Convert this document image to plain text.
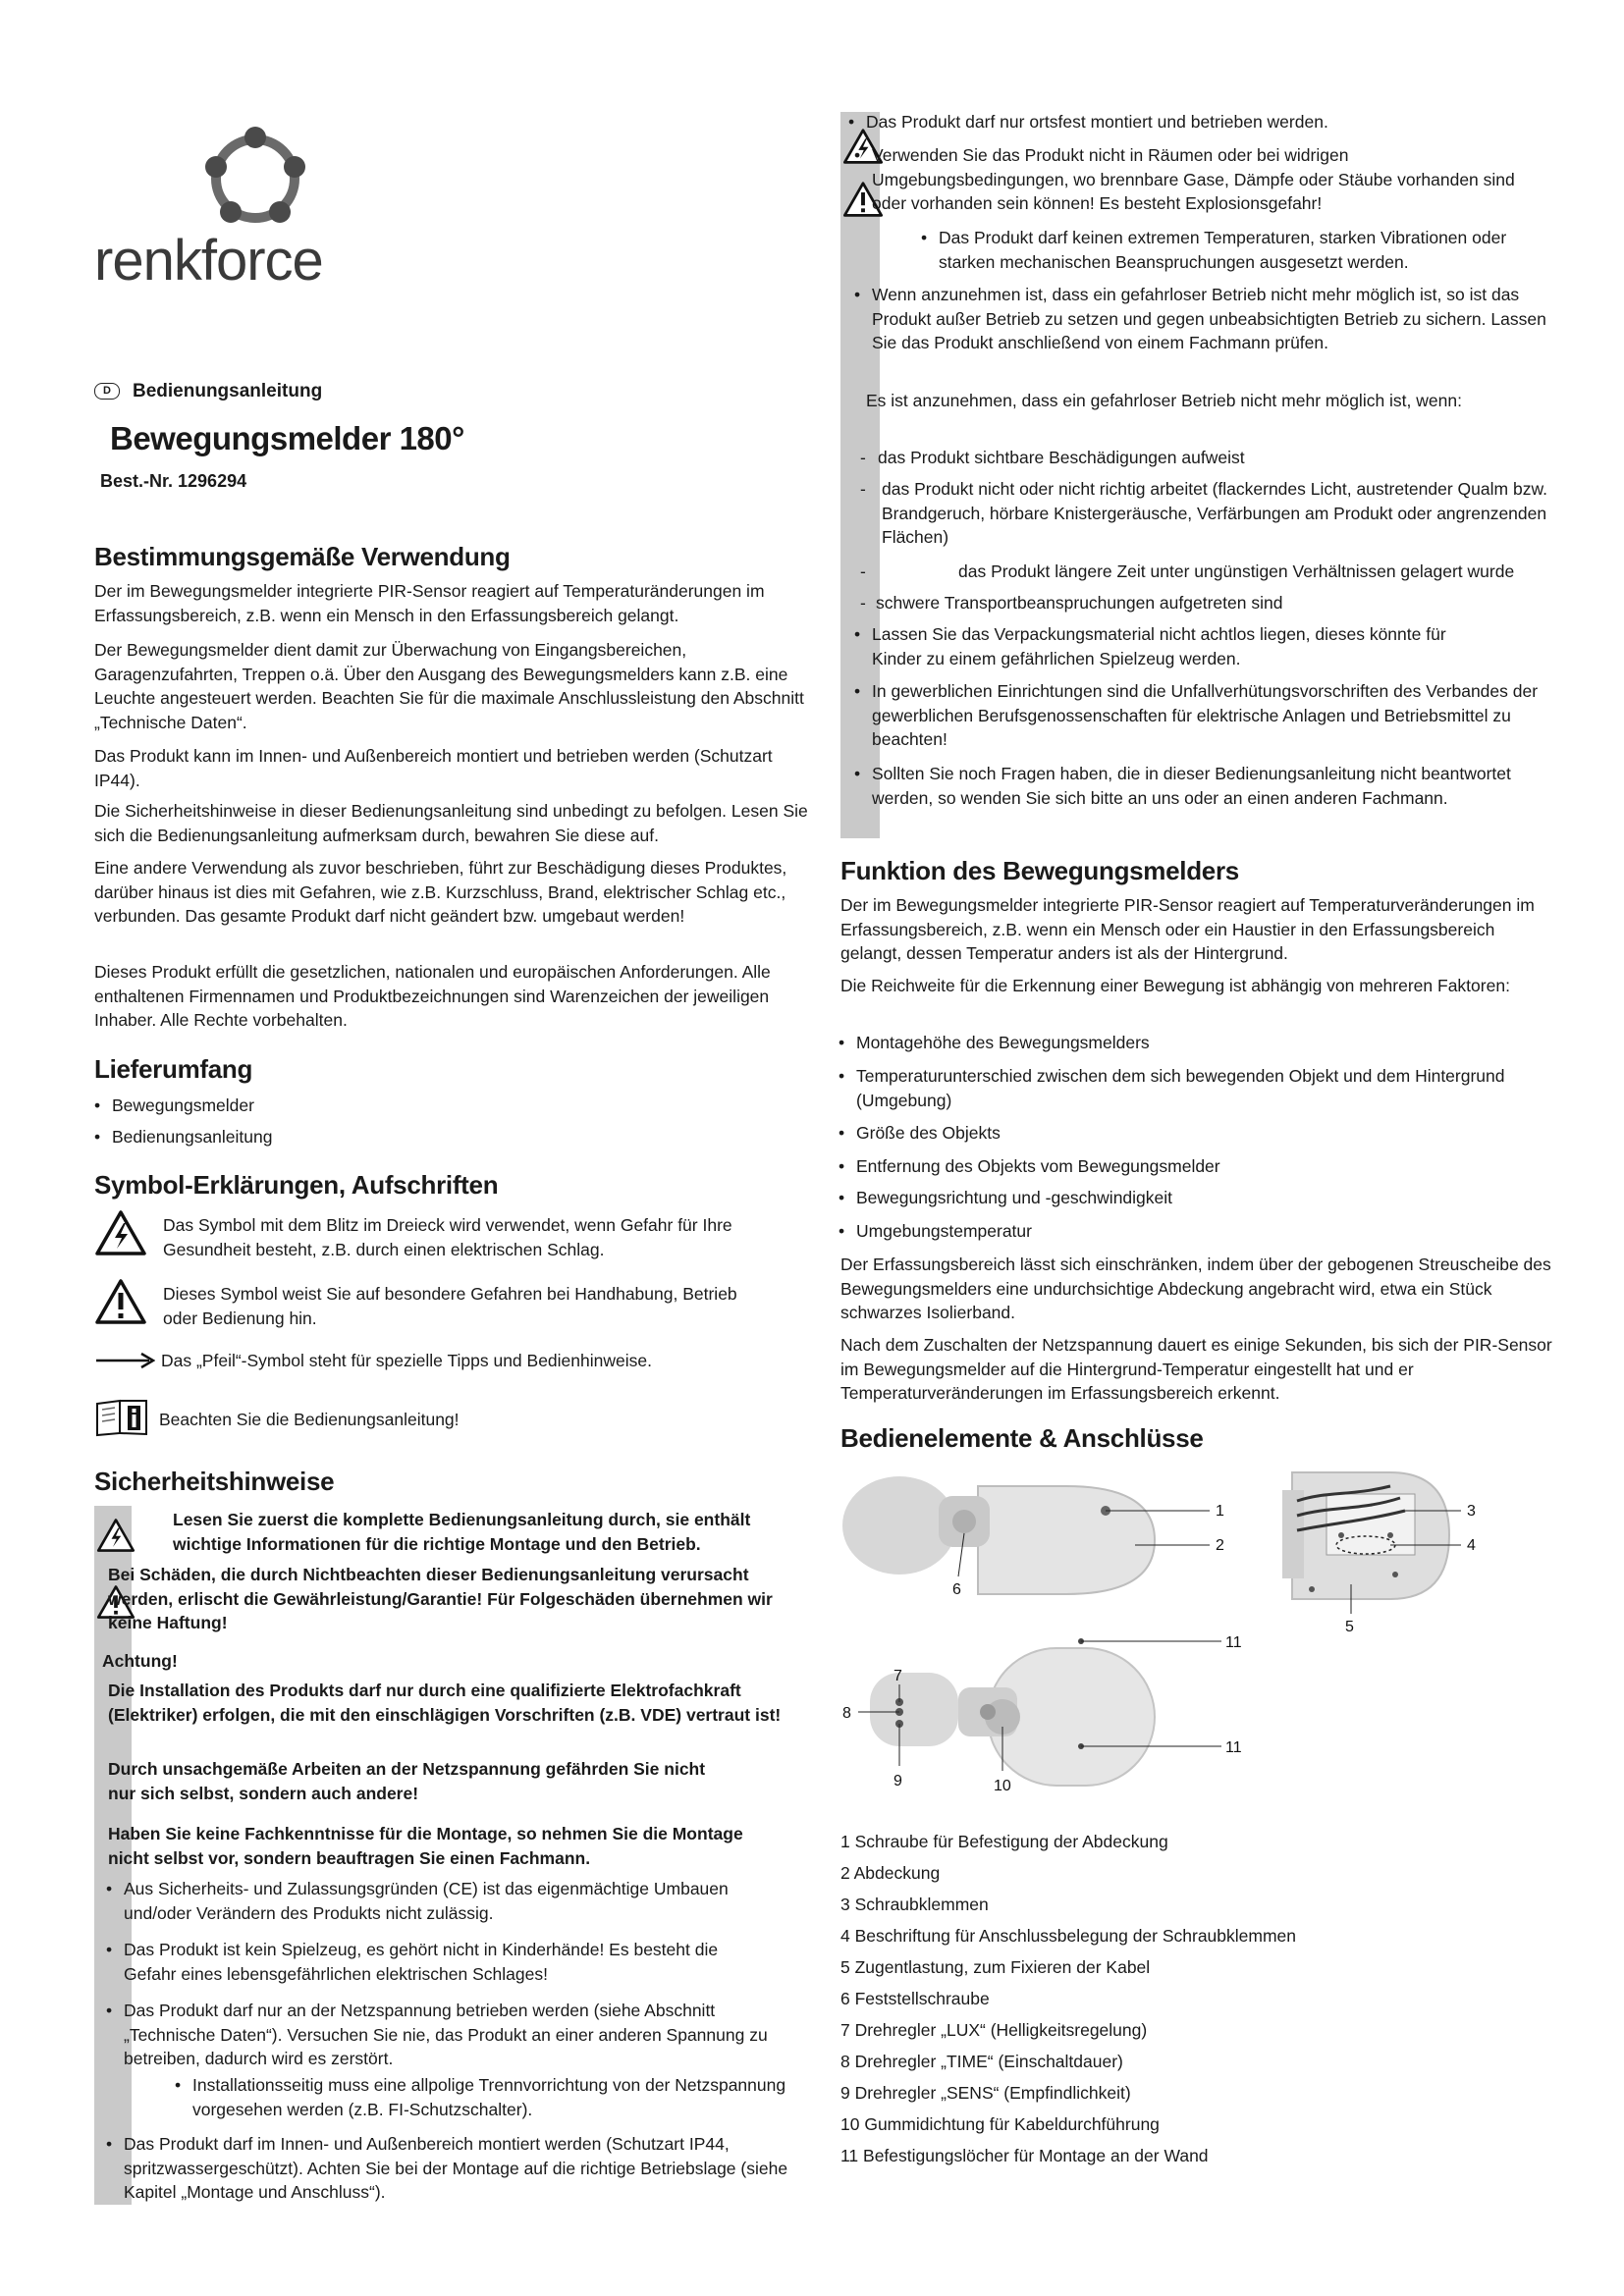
renkforce
D	Bedienungsanleitung
Bewegungsmelder 180°
Best.-Nr. 1296294
Bestimmungsgemäße Verwendung

Der im Bewegungsmelder integrierte PIR-Sensor reagiert auf Temperaturänderungen im Erfassungsbereich, z.B. wenn ein Mensch in den Erfassungsbereich gelangt.

Der Bewegungsmelder dient damit zur Überwachung von Eingangsbereichen, Garagenzufahrten, Treppen o.ä. Über den Ausgang des Bewegungsmelders kann z.B. eine Leuchte angesteuert werden. Beachten Sie für die maximale Anschlussleistung den Abschnitt „Technische Daten“.

Das Produkt kann im Innen- und Außenbereich montiert und betrieben werden (Schutzart IP44).

Die Sicherheitshinweise in dieser Bedienungsanleitung sind unbedingt zu befolgen. Lesen Sie sich die Bedienungsanleitung aufmerksam durch, bewahren Sie diese auf.

Eine andere Verwendung als zuvor beschrieben, führt zur Beschädigung dieses Produktes, darüber hinaus ist dies mit Gefahren, wie z.B. Kurzschluss, Brand, elektrischer Schlag etc., verbunden. Das gesamte Produkt darf nicht geändert bzw. umgebaut werden!

Dieses Produkt erfüllt die gesetzlichen, nationalen und europäischen Anforderungen. Alle enthaltenen Firmennamen und Produktbezeichnungen sind Warenzeichen der jeweiligen Inhaber. Alle Rechte vorbehalten.

Lieferumfang
• Bewegungsmelder
• Bedienungsanleitung
Symbol-Erklärungen, Aufschriften

Das Symbol mit dem Blitz im Dreieck wird verwendet, wenn Gefahr für Ihre Gesundheit besteht, z.B. durch einen elektrischen Schlag.

Dieses Symbol weist Sie auf besondere Gefahren bei Handhabung, Betrieb oder Bedienung hin.

Das „Pfeil“-Symbol steht für spezielle Tipps und Bedienhinweise.

Beachten Sie die Bedienungsanleitung!

Sicherheitshinweise

Lesen Sie zuerst die komplette Bedienungsanleitung durch, sie enthält wichtige Informationen für die richtige Montage und den Betrieb.

Bei Schäden, die durch Nichtbeachten dieser Bedienungsanleitung verursacht werden, erlischt die Gewährleistung/Garantie! Für Folgeschäden übernehmen wir keine Haftung!

Achtung!

Die Installation des Produkts darf nur durch eine qualifizierte Elektrofachkraft (Elektriker) erfolgen, die mit den einschlägigen Vorschriften (z.B. VDE) vertraut ist!

Durch unsachgemäße Arbeiten an der Netzspannung gefährden Sie nicht nur sich selbst, sondern auch andere!

Haben Sie keine Fachkenntnisse für die Montage, so nehmen Sie die Montage nicht selbst vor, sondern beauftragen Sie einen Fachmann.

• Aus Sicherheits- und Zulassungsgründen (CE) ist das eigenmächtige Umbauen und/oder Verändern des Produkts nicht zulässig.
• Das Produkt ist kein Spielzeug, es gehört nicht in Kinderhände! Es besteht die Gefahr eines lebensgefährlichen elektrischen Schlages!
• Das Produkt darf nur an der Netzspannung betrieben werden (siehe Abschnitt „Technische Daten“). Versuchen Sie nie, das Produkt an einer anderen Spannung zu betreiben, dadurch wird es zerstört.
• Installationsseitig muss eine allpolige Trennvorrichtung von der Netzspannung vorgesehen werden (z.B. FI-Schutzschalter).
• Das Produkt darf im Innen- und Außenbereich montiert werden (Schutzart IP44, spritzwassergeschützt). Achten Sie bei der Montage auf die richtige Betriebslage (siehe Kapitel „Montage und Anschluss“).
• Das Produkt darf nur ortsfest montiert und betrieben werden.
• Verwenden Sie das Produkt nicht in Räumen oder bei widrigen Umgebungsbedingungen, wo brennbare Gase, Dämpfe oder Stäube vorhanden sind oder vorhanden sein können! Es besteht Explosionsgefahr!
• Das Produkt darf keinen extremen Temperaturen, starken Vibrationen oder starken mechanischen Beanspruchungen ausgesetzt werden.
• Wenn anzunehmen ist, dass ein gefahrloser Betrieb nicht mehr möglich ist, so ist das Produkt außer Betrieb zu setzen und gegen unbeabsichtigten Betrieb zu sichern. Lassen Sie das Produkt anschließend von einem Fachmann prüfen.

Es ist anzunehmen, dass ein gefahrloser Betrieb nicht mehr möglich ist, wenn:

- das Produkt sichtbare Beschädigungen aufweist

- das Produkt nicht oder nicht richtig arbeitet (flackerndes Licht, austretender Qualm bzw. Brandgeruch, hörbare Knistergeräusche, Verfärbungen am Produkt oder angrenzenden Flächen)

-	das Produkt längere Zeit unter ungünstigen Verhältnissen gelagert wurde

- schwere Transportbeanspruchungen aufgetreten sind

• Lassen Sie das Verpackungsmaterial nicht achtlos liegen, dieses könnte für Kinder zu einem gefährlichen Spielzeug werden.
• In gewerblichen Einrichtungen sind die Unfallverhütungsvorschriften des Verbandes der gewerblichen Berufsgenossenschaften für elektrische Anlagen und Betriebsmittel zu beachten!
• Sollten Sie noch Fragen haben, die in dieser Bedienungsanleitung nicht beantwortet werden, so wenden Sie sich bitte an uns oder an einen anderen Fachmann.
Funktion des Bewegungsmelders

Der im Bewegungsmelder integrierte PIR-Sensor reagiert auf Temperaturveränderungen im Erfassungsbereich, z.B. wenn ein Mensch oder ein Haustier in den Erfassungsbereich gelangt, dessen Temperatur anders ist als der Hintergrund.

Die Reichweite für die Erkennung einer Bewegung ist abhängig von mehreren Faktoren:

• Montagehöhe des Bewegungsmelders
• Temperaturunterschied zwischen dem sich bewegenden Objekt und dem Hintergrund (Umgebung)
• Größe des Objekts
• Entfernung des Objekts vom Bewegungsmelder
• Bewegungsrichtung und -geschwindigkeit
• Umgebungstemperatur

Der Erfassungsbereich lässt sich einschränken, indem über der gebogenen Streuscheibe des Bewegungsmelders eine undurchsichtige Abdeckung angebracht wird, etwa ein Stück schwarzes Isolierband.

Nach dem Zuschalten der Netzspannung dauert es einige Sekunden, bis sich der PIR-Sensor im Bewegungsmelder auf die Hintergrund-Temperatur eingestellt hat und er Temperaturveränderungen im Erfassungsbereich erkennt.

Bedienelemente & Anschlüsse
1
2
3
4
5
6
7
8
9	10
11
11

1 Schraube für Befestigung der Abdeckung

2 Abdeckung

3 Schraubklemmen

4 Beschriftung für Anschlussbelegung der Schraubklemmen

5 Zugentlastung, zum Fixieren der Kabel

6 Feststellschraube

7 Drehregler „LUX“ (Helligkeitsregelung)

8 Drehregler „TIME“ (Einschaltdauer)

9 Drehregler „SENS“ (Empfindlichkeit)

10 Gummidichtung für Kabeldurchführung

11 Befestigungslöcher für Montage an der Wand
